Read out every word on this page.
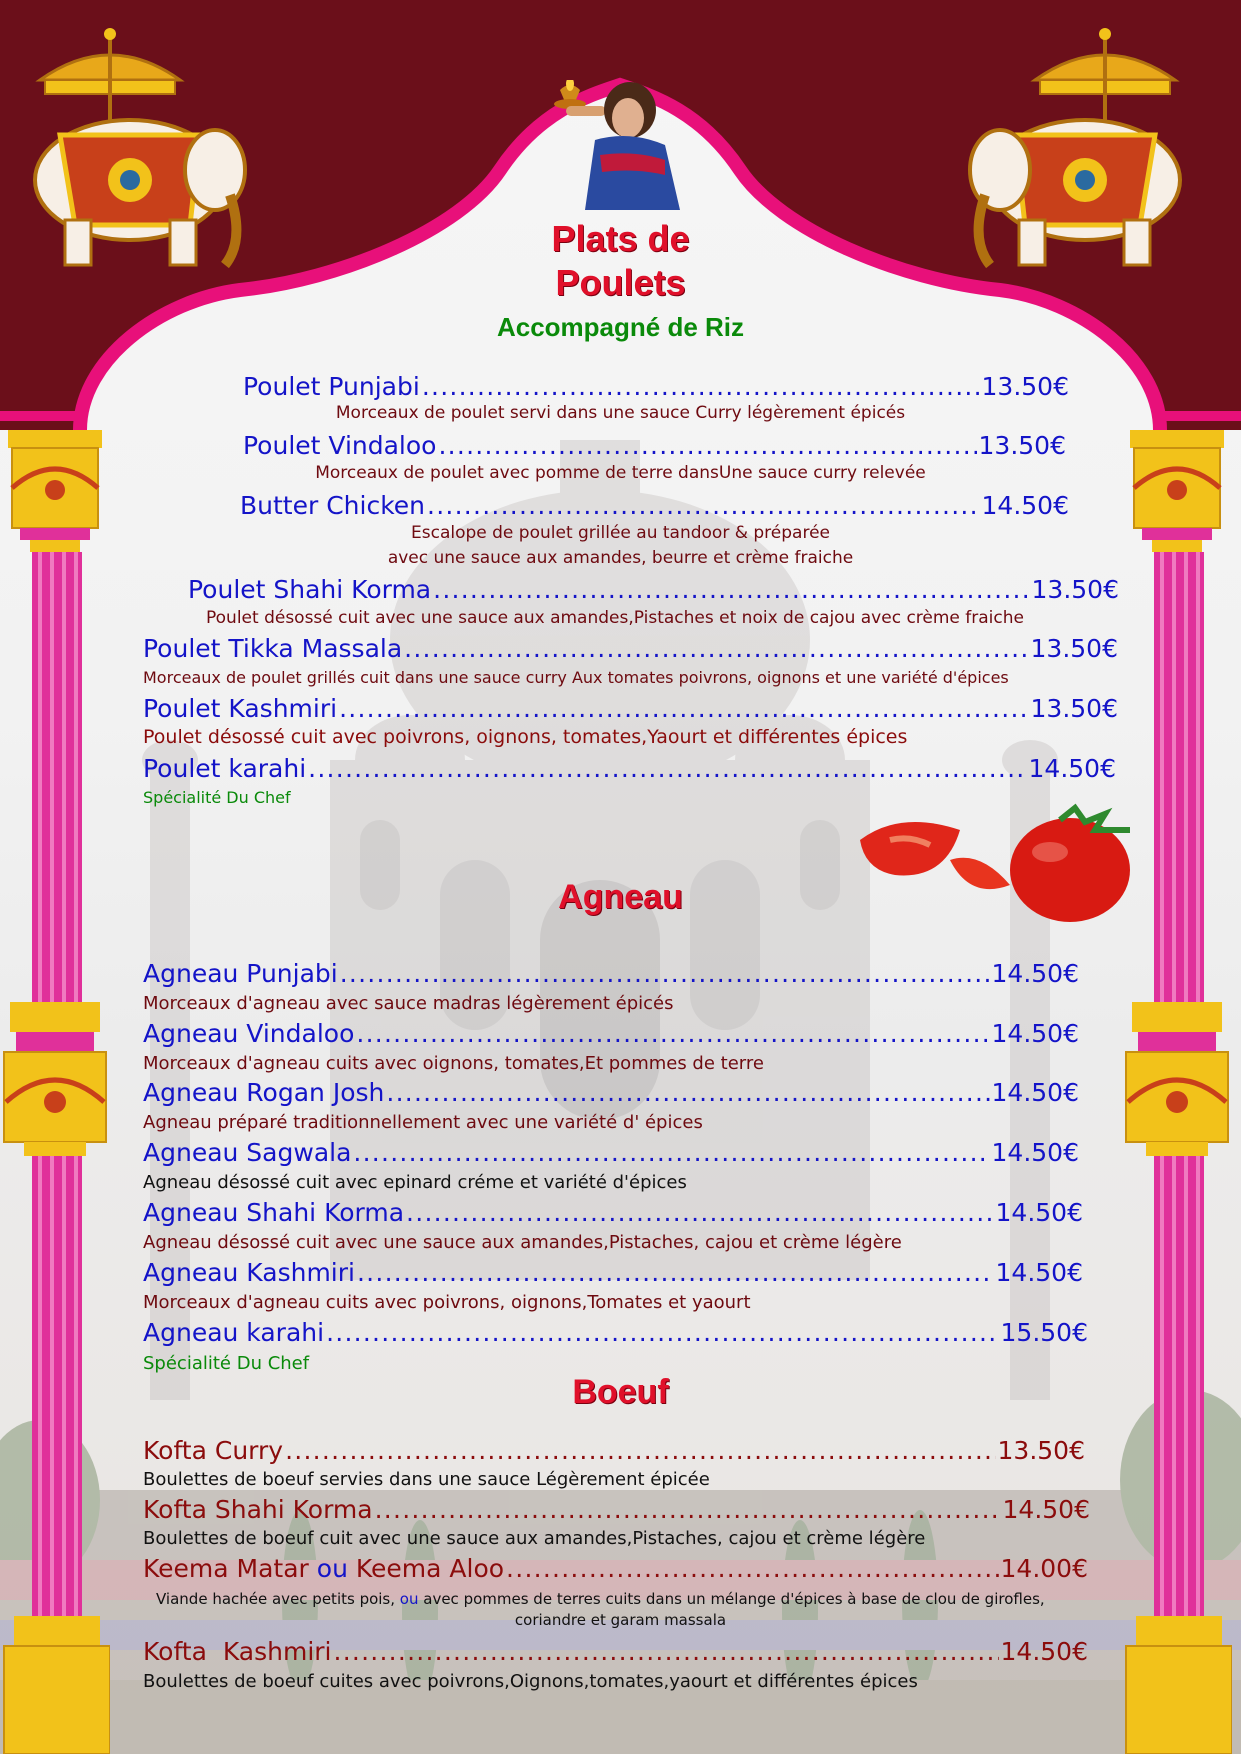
Plats de
Poulets
Accompagné de Riz
Poulet Punjabi .....	13.50€
Morceaux de poulet servi dans une sauce Curry légèrement épicés
Poulet Vindaloo .....	13.50€
Morceaux de poulet avec pomme de terre dansUne sauce curry relevée
Butter Chicken .....	14.50€
Escalope de poulet grillée au tandoor & préparée
avec une sauce aux amandes, beurre et crème fraiche
Poulet Shahi Korma .....	13.50€
Poulet désossé cuit avec une sauce aux amandes,Pistaches et noix de cajou avec crème fraiche
Poulet Tikka Massala .....	13.50€
Morceaux de poulet grillés cuit dans une sauce curry Aux tomates poivrons, oignons et une variété d'épices
Poulet Kashmiri .....	13.50€
Poulet désossé cuit avec poivrons, oignons, tomates,Yaourt et différentes épices
Poulet karahi .....	14.50€
Spécialité Du Chef
Agneau
Agneau Punjabi .....	14.50€
Morceaux d'agneau avec sauce madras légèrement épicés
Agneau Vindaloo .....	14.50€
Morceaux d'agneau cuits avec oignons, tomates,Et pommes de terre
Agneau Rogan Josh .....	14.50€
Agneau préparé traditionnellement avec une variété d' épices
Agneau Sagwala .....	14.50€
Agneau désossé cuit avec epinard créme et variété d'épices
Agneau Shahi Korma .....	14.50€
Agneau désossé cuit avec une sauce aux amandes,Pistaches, cajou et crème légère
Agneau Kashmiri .....	14.50€
Morceaux d'agneau cuits avec poivrons, oignons,Tomates et yaourt
Agneau karahi .....	15.50€
Spécialité Du Chef
Boeuf
Kofta Curry .....	13.50€
Boulettes de boeuf servies dans une sauce Légèrement épicée
Kofta Shahi Korma .....	14.50€
Boulettes de boeuf cuit avec une sauce aux amandes,Pistaches, cajou et crème légère
Keema Matar ou Keema Aloo .....	14.00€
Viande hachée avec petits pois, ou avec pommes de terres cuits dans un mélange d'épices à base de clou de girofles,
coriandre et garam massala
Kofta  Kashmiri .....	14.50€
Boulettes de boeuf cuites avec poivrons,Oignons,tomates,yaourt et différentes épices
